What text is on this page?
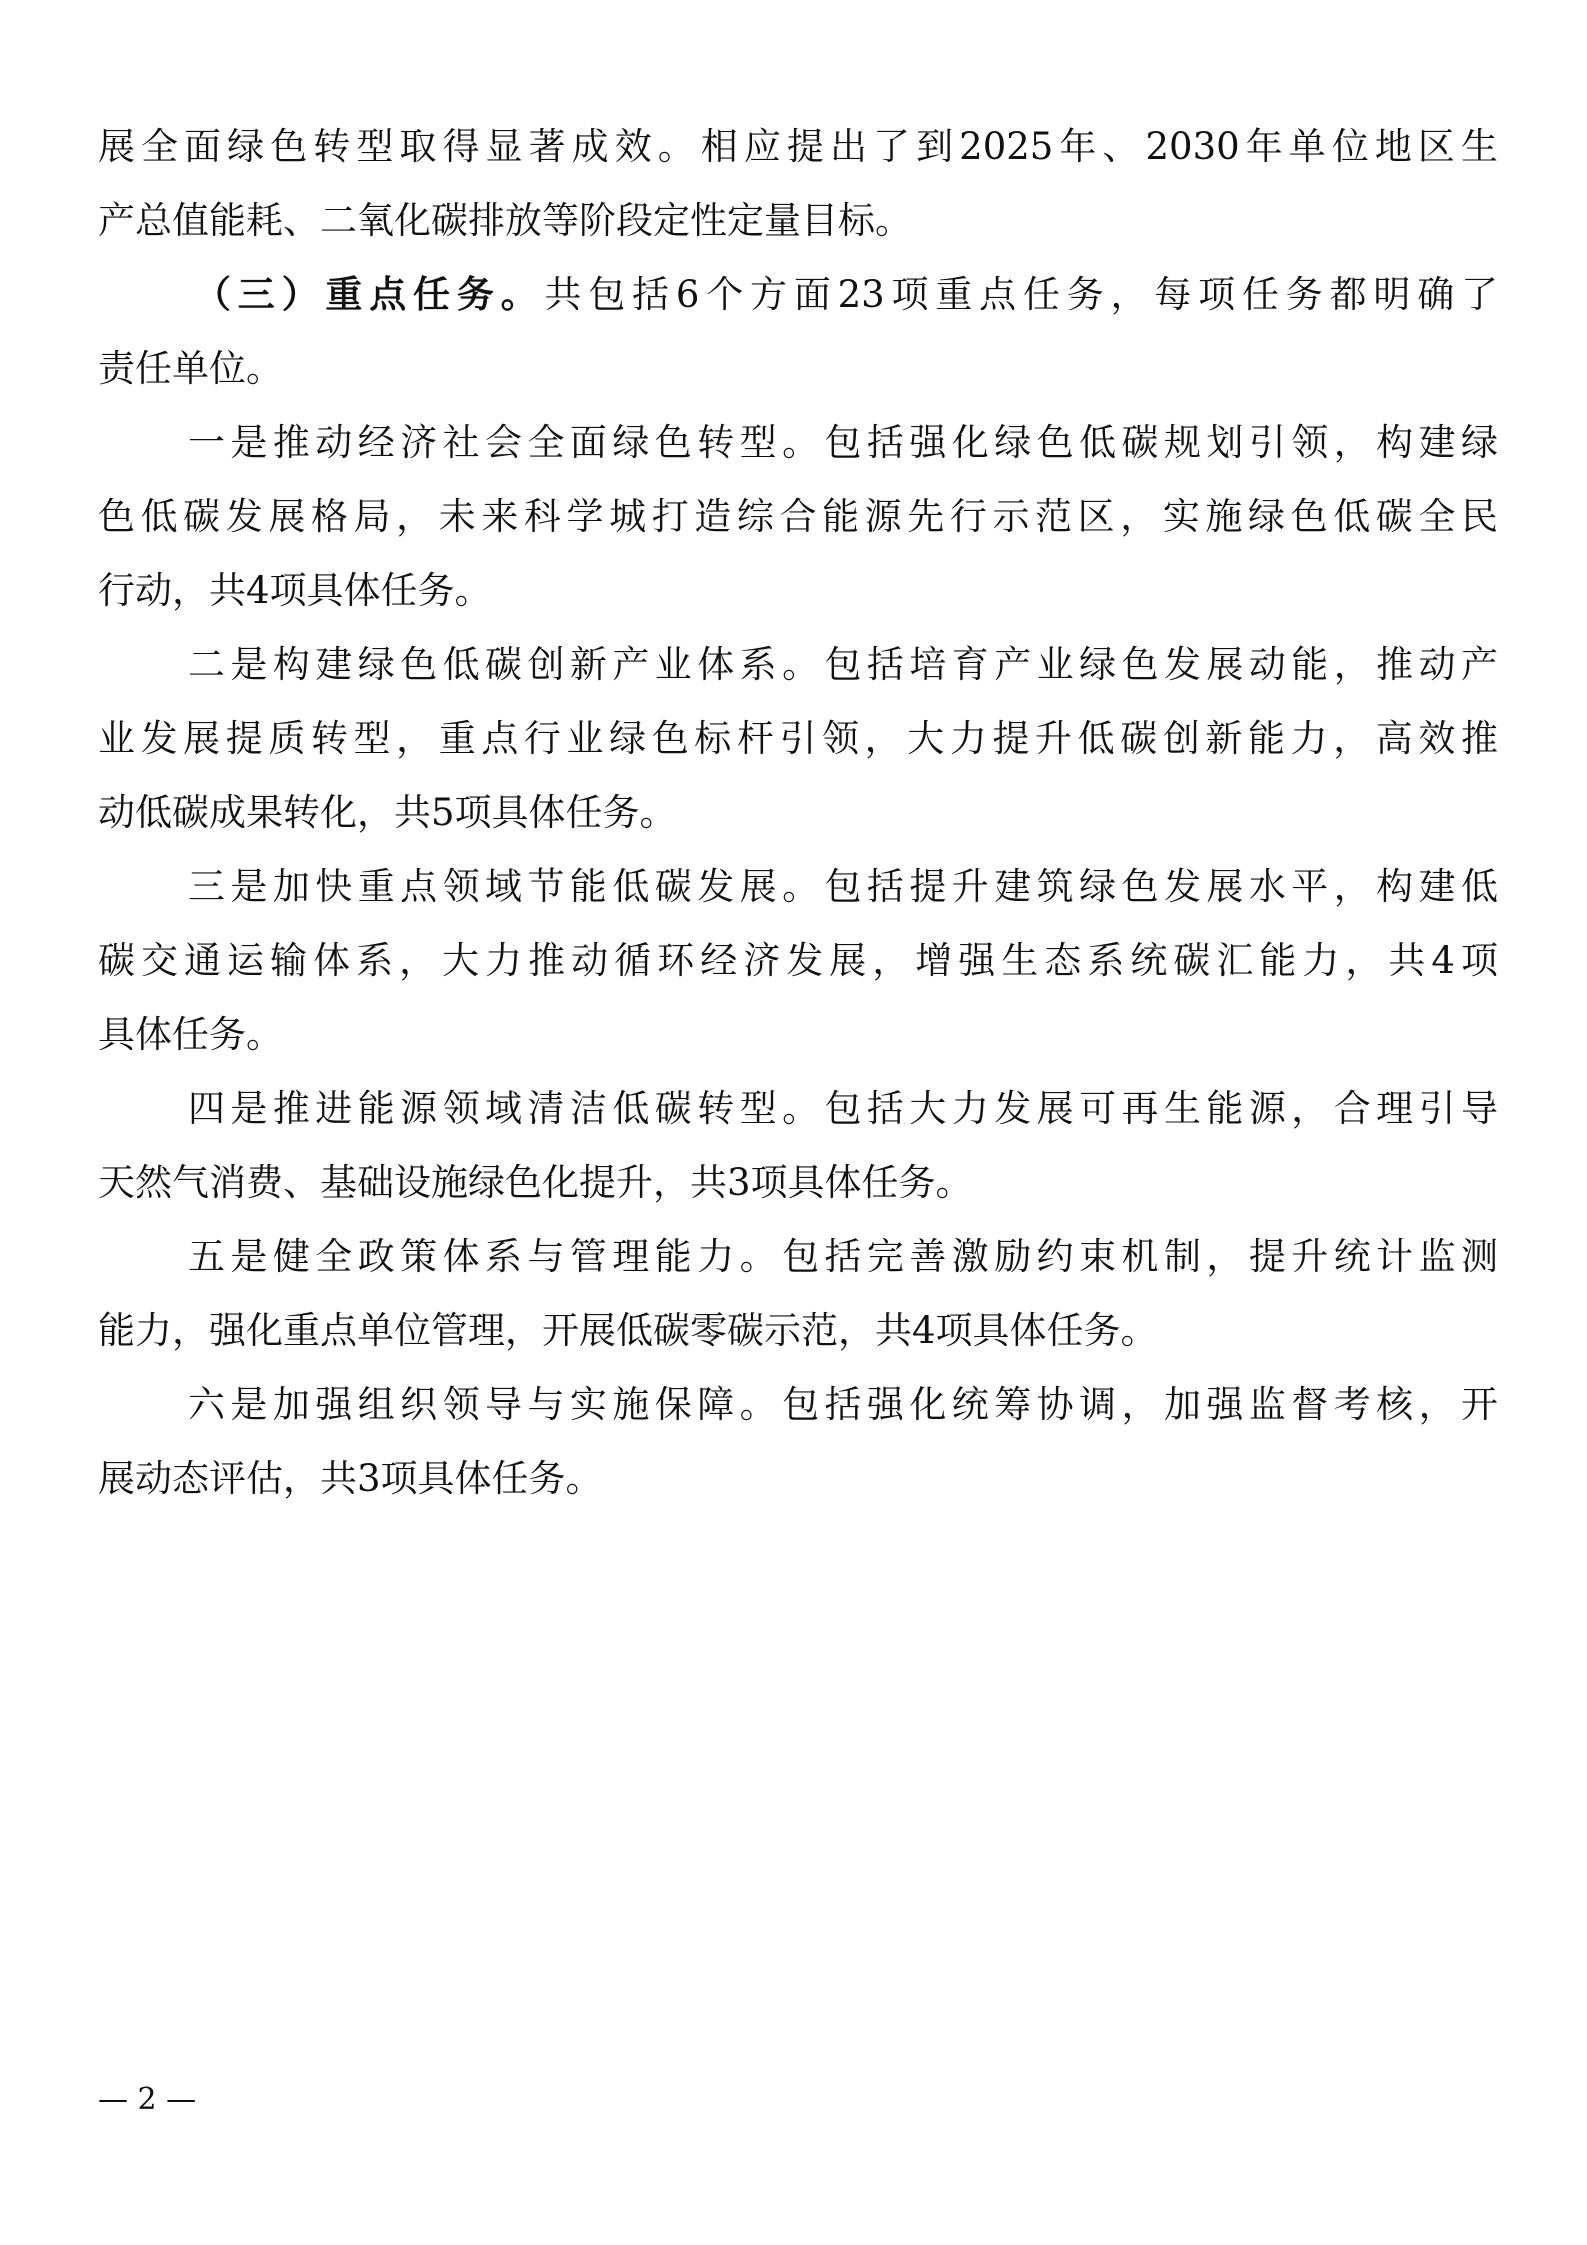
展全面绿色转型取得显著成效。相应提出了到2025年、2030年单位地区生
产总值能耗、二氧化碳排放等阶段定性定量目标。
（三）重点任务。共包括6个方面23项重点任务，每项任务都明确了
责任单位。
一是推动经济社会全面绿色转型。包括强化绿色低碳规划引领，构建绿
色低碳发展格局，未来科学城打造综合能源先行示范区，实施绿色低碳全民
行动，共4项具体任务。
二是构建绿色低碳创新产业体系。包括培育产业绿色发展动能，推动产
业发展提质转型，重点行业绿色标杆引领，大力提升低碳创新能力，高效推
动低碳成果转化，共5项具体任务。
三是加快重点领域节能低碳发展。包括提升建筑绿色发展水平，构建低
碳交通运输体系，大力推动循环经济发展，增强生态系统碳汇能力，共4项
具体任务。
四是推进能源领域清洁低碳转型。包括大力发展可再生能源，合理引导
天然气消费、基础设施绿色化提升，共3项具体任务。
五是健全政策体系与管理能力。包括完善激励约束机制，提升统计监测
能力，强化重点单位管理，开展低碳零碳示范，共4项具体任务。
六是加强组织领导与实施保障。包括强化统筹协调，加强监督考核，开
展动态评估，共3项具体任务。
— 2 —
